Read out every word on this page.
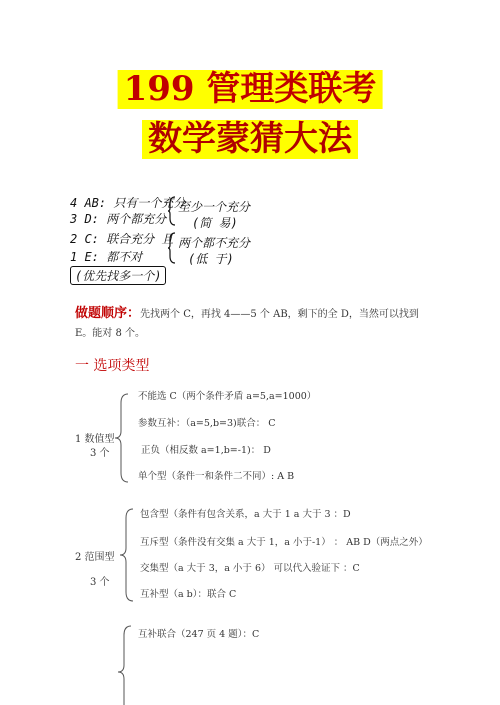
199 管理类联考
数学蒙猜大法
4 AB: 只有一个充分
3 D: 两个都充分
2 C: 联合充分 且
1 E: 都不对
(优先找多一个)
至少一个充分
(简 易)
两个都不充分
(低 于)
做题顺序：先找两个 C，再找 4——5 个 AB，剩下的全 D，当然可以找到 E。能对 8 个。
一 选项类型
1 数值型
3 个
不能选 C（两个条件矛盾 a=5,a=1000）
参数互补：（a=5,b=3)联合： C
正负（相反数 a=1,b=-1)： D
单个型（条件一和条件二不同）: A B
2 范围型
3 个
包含型（条件有包含关系，a 大于 1 a 大于 3 ：D
互斥型（条件没有交集 a 大于 1，a 小于-1） ： AB D（两点之外）
交集型（a 大于 3，a 小于 6） 可以代入验证下 ：C
互补型（a b）：联合 C
互补联合（247 页 4 题）：C
